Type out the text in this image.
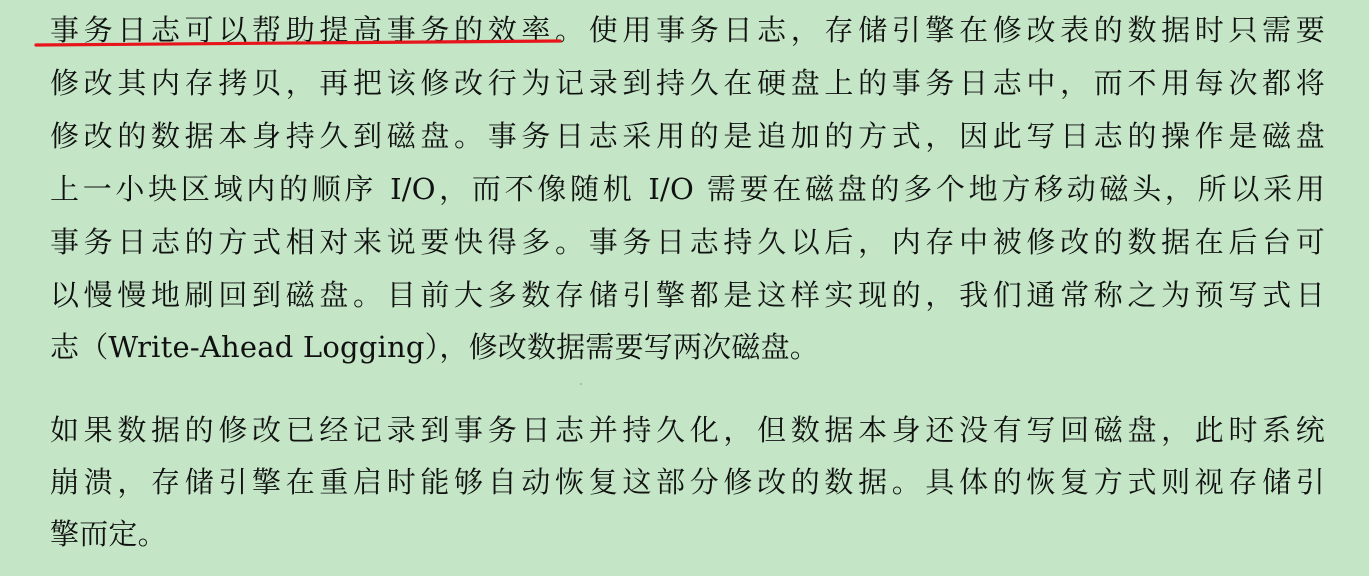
事务日志可以帮助提高事务的效率。使用事务日志，存储引擎在修改表的数据时只需要
修改其内存拷贝，再把该修改行为记录到持久在硬盘上的事务日志中，而不用每次都将
修改的数据本身持久到磁盘。事务日志采用的是追加的方式，因此写日志的操作是磁盘
上一小块区域内的顺序 I/O，而不像随机 I/O 需要在磁盘的多个地方移动磁头，所以采用
事务日志的方式相对来说要快得多。事务日志持久以后，内存中被修改的数据在后台可
以慢慢地刷回到磁盘。目前大多数存储引擎都是这样实现的，我们通常称之为预写式日
志（Write-Ahead Logging），修改数据需要写两次磁盘。
如果数据的修改已经记录到事务日志并持久化，但数据本身还没有写回磁盘，此时系统
崩溃，存储引擎在重启时能够自动恢复这部分修改的数据。具体的恢复方式则视存储引
擎而定。
